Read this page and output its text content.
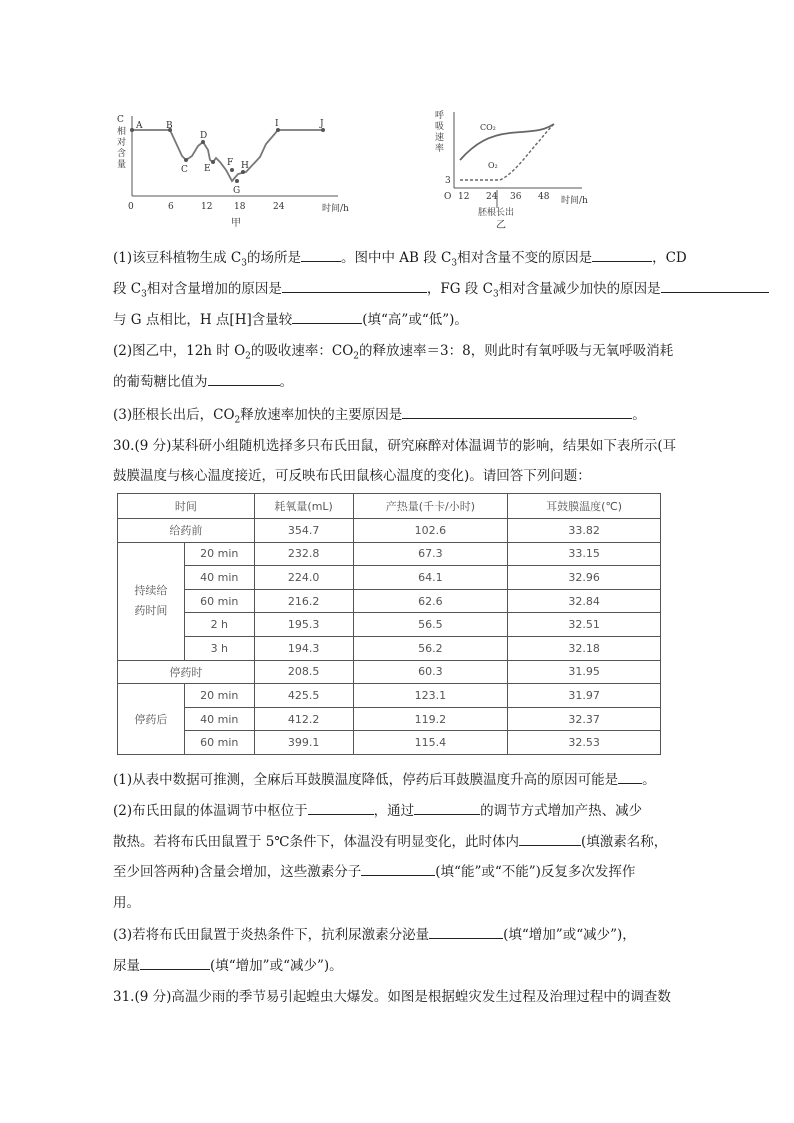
C
相
对
含
量
A	B
C
D
E
F
G
H
I	J
0	6	12 18	24	时间/h
甲
呼
吸
速
率
CO₂
O₂
3
O 12 24 36 48
胚根长出
时间/h
乙
(1)该豆科植物生成 $C_3$的场所是	。图中中 AB 段 $C_3$相对含量不变的原因是	，CD
段 $C_3$相对含量增加的原因是	，FG 段 $C_3$相对含量减少加快的原因是
与 G 点相比，H 点[H]含量较	(填“高”或“低”)。
(2)图乙中，12h 时 $O_2$的吸收速率：$CO_2$的释放速率＝3：8，则此时有氧呼吸与无氧呼吸消耗
的葡萄糖比值为	。
(3)胚根长出后，$CO_2$释放速率加快的主要原因是	。
30.(9 分)某科研小组随机选择多只布氏田鼠，研究麻醉对体温调节的影响，结果如下表所示(耳
鼓膜温度与核心温度接近，可反映布氏田鼠核心温度的变化)。请回答下列问题：
时间		耗氧量(mL)	产热量(千卡/小时)	耳鼓膜温度(℃)
给药前		354.7	102.6	33.82
持续给
药时间	20 min	232.8	67.3	33.15
	40 min	224.0	64.1	32.96
	60 min	216.2	62.6	32.84
	2 h	195.3	56.5	32.51
	3 h	194.3	56.2	32.18
停药时		208.5	60.3	31.95
停药后	20 min	425.5	123.1	31.97
	40 min	412.2	119.2	32.37
	60 min	399.1	115.4	32.53
(1)从表中数据可推测，全麻后耳鼓膜温度降低，停药后耳鼓膜温度升高的原因可能是 。
(2)布氏田鼠的体温调节中枢位于	，通过	的调节方式增加产热、减少
散热。若将布氏田鼠置于 5℃条件下，体温没有明显变化，此时体内	(填激素名称，
至少回答两种)含量会增加，这些激素分子	(填“能”或“不能”)反复多次发挥作
用。
(3)若将布氏田鼠置于炎热条件下，抗利尿激素分泌量	(填“增加”或“减少”)，
尿量	(填“增加”或“减少”)。
31.(9 分)高温少雨的季节易引起蝗虫大爆发。如图是根据蝗灾发生过程及治理过程中的调查数
